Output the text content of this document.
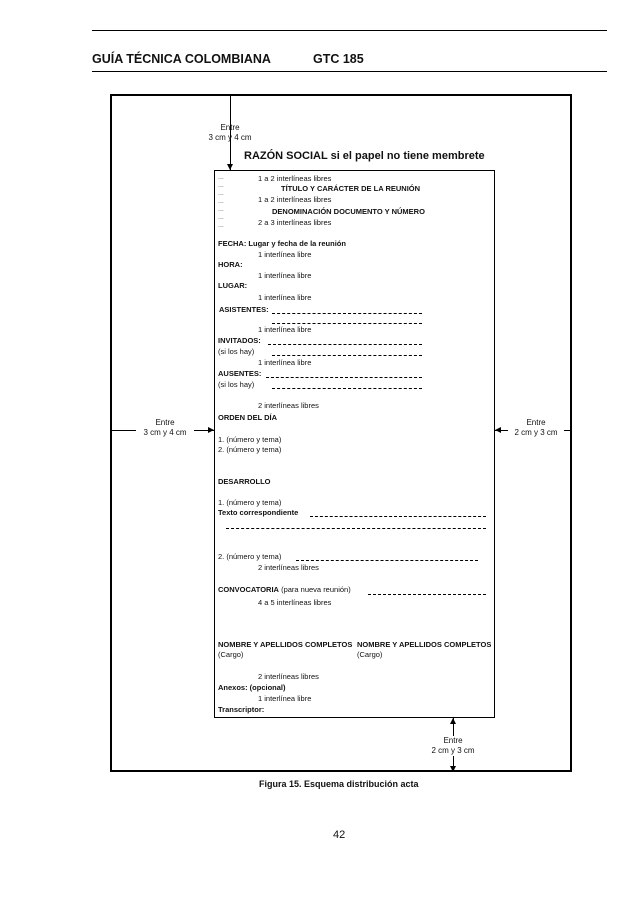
GUÍA TÉCNICA COLOMBIANA	GTC 185
Entre
3 cm y 4 cm
Entre
3 cm y 4 cm
Entre
2 cm y 3 cm
Entre
2 cm y 3 cm
RAZÓN SOCIAL si el papel no tiene membrete
...
...
...
...
...
...
...
1 a 2 interlíneas libres
TÍTULO Y CARÁCTER DE LA REUNIÓN
1 a 2 interlíneas libres
DENOMINACIÓN DOCUMENTO Y NÚMERO
2 a 3 interlíneas libres
FECHA: Lugar y fecha de la reunión
1 interlínea libre
HORA:
1 interlínea libre
LUGAR:
1 interlínea libre
ASISTENTES:
1 interlínea libre
INVITADOS:
(si los hay)
1 interlínea libre
AUSENTES:
(si los hay)
2 interlíneas libres
ORDEN DEL DÍA
1. (número y tema)
2. (número y tema)
DESARROLLO
1. (número y tema)
Texto correspondiente
2. (número y tema)
2 interlíneas libres
CONVOCATORIA (para nueva reunión)
4 a 5 interlíneas libres
NOMBRE Y APELLIDOS COMPLETOS
(Cargo)
NOMBRE Y APELLIDOS COMPLETOS
(Cargo)
2 interlíneas libres
Anexos: (opcional)
1 interlínea libre
Transcriptor:
Figura 15. Esquema distribución acta
42
